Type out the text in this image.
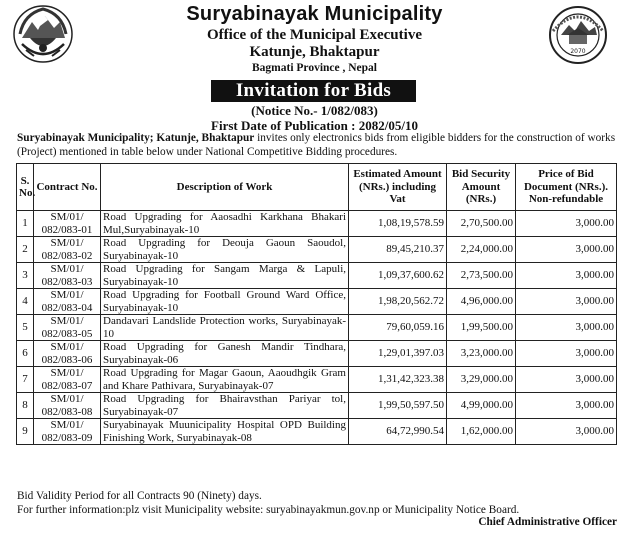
2070
Suryabinayak Municipality
Office of the Municipal Executive
Katunje, Bhaktapur
Bagmati Province , Nepal
Invitation for Bids
(Notice No.- 1/082/083)
First Date of Publication : 2082/05/10
Suryabinayak Municipality; Katunje, Bhaktapur invites only electronics bids from eligible bidders for the construction of works (Project) mentioned in table below under National Competitive Bidding procedures.
S. No.	Contract No.	Description of Work	Estimated Amount (NRs.) including Vat	Bid Security Amount (NRs.)	Price of Bid Document (NRs.). Non-refundable
1	SM/01/ 082/083-01	Road Upgrading for Aaosadhi Karkhana Bhakari Mul,Suryabinayak-10	1,08,19,578.59	2,70,500.00	3,000.00
2	SM/01/ 082/083-02	Road Upgrading for Deouja Gaoun Saoudol, Suryabinayak-10	89,45,210.37	2,24,000.00	3,000.00
3	SM/01/ 082/083-03	Road Upgrading for Sangam Marga & Lapuli, Suryabinayak-10	1,09,37,600.62	2,73,500.00	3,000.00
4	SM/01/ 082/083-04	Road Upgrading for Football Ground Ward Office, Suryabinayak-10	1,98,20,562.72	4,96,000.00	3,000.00
5	SM/01/ 082/083-05	Dandavari Landslide Protection works, Suryabinayak-10	79,60,059.16	1,99,500.00	3,000.00
6	SM/01/ 082/083-06	Road Upgrading for Ganesh Mandir Tindhara, Suryabinayak-06	1,29,01,397.03	3,23,000.00	3,000.00
7	SM/01/ 082/083-07	Road Upgrading for Magar Gaoun, Aaoudhgik Gram and Khare Pathivara, Suryabinayak-07	1,31,42,323.38	3,29,000.00	3,000.00
8	SM/01/ 082/083-08	Road Upgrading for Bhairavsthan Pariyar tol, Suryabinayak-07	1,99,50,597.50	4,99,000.00	3,000.00
9	SM/01/ 082/083-09	Suryabinayak Muunicipality Hospital OPD Building Finishing Work, Suryabinayak-08	64,72,990.54	1,62,000.00	3,000.00
Bid Validity Period for all Contracts 90 (Ninety) days.
For further information:plz visit Municipality website: suryabinayakmun.gov.np or Municipality Notice Board.
Chief Administrative Officer
